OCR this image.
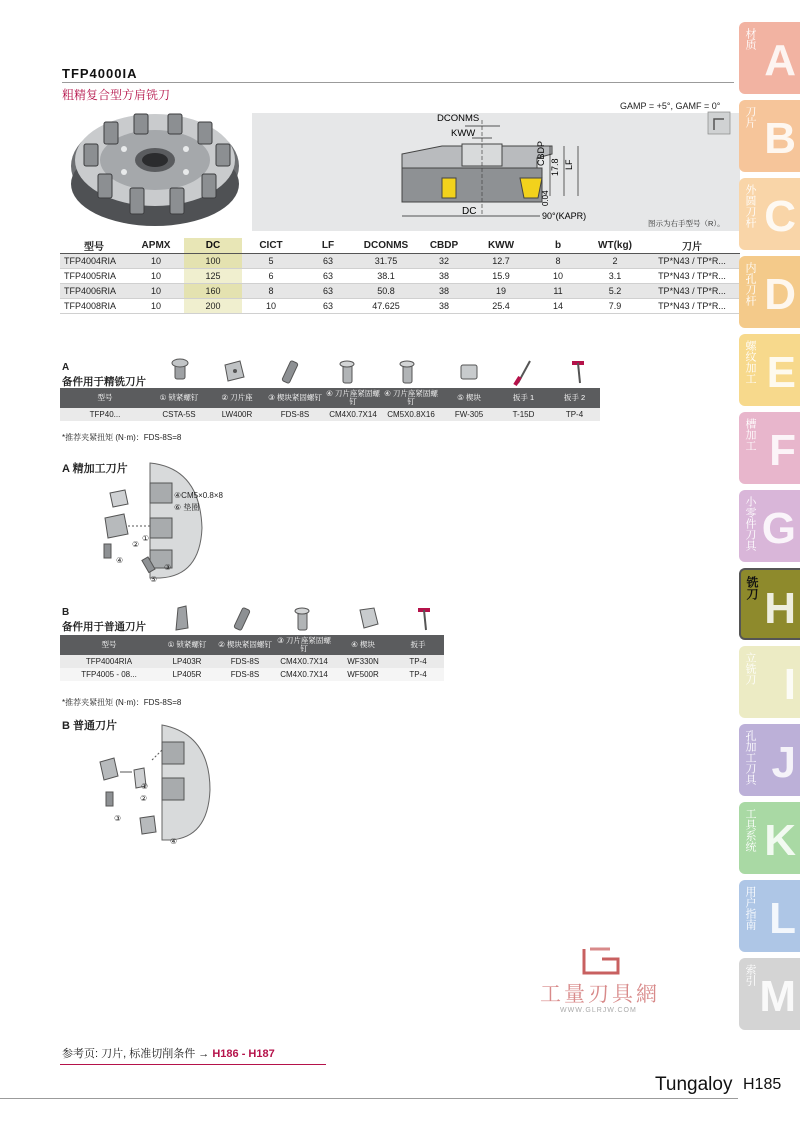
TFP4000IA
粗精复合型方肩铣刀
GAMP = +5°, GAMF = 0°
DCONMS
KWW
CBDP
17.8 LF
0.04
DC	90°(KAPR)
图示为右手型号（R）。
型号	APMX	DC	CICT	LF	DCONMS	CBDP	KWW	b	WT(kg)	刀片
TFP4004RIA	10	100	5	63	31.75	32	12.7	8	2	TP*N43 / TP*R...
TFP4005RIA	10	125	6	63	38.1	38	15.9	10	3.1	TP*N43 / TP*R...
TFP4006RIA	10	160	8	63	50.8	38	19	11	5.2	TP*N43 / TP*R...
TFP4008RIA	10	200	10	63	47.625	38	25.4	14	7.9	TP*N43 / TP*R...
A
备件用于精铣刀片
型号	① 锁紧螺钉	② 刀片座	③ 楔块紧固螺钉	④ 刀片座紧固螺钉	④ 刀片座紧固螺钉	⑤ 楔块	扳手 1	扳手 2
TFP40...	CSTA-5S	LW400R	FDS-8S	CM4X0.7X14	CM5X0.8X16	FW-305	T-15D	TP-4
*推荐夹紧扭矩 (N·m)：FDS-8S=8
A 精加工刀片
④CM5×0.8×8
⑥ 垫圈
①
②
③
④
⑤
B
备件用于普通刀片
型号	① 锁紧螺钉	② 楔块紧固螺钉	③ 刀片座紧固螺钉	④ 楔块	扳手
TFP4004RIA	LP403R	FDS-8S	CM4X0.7X14	WF330N	TP-4
TFP4005 - 08...	LP405R	FDS-8S	CM4X0.7X14	WF500R	TP-4
*推荐夹紧扭矩 (N·m)：FDS-8S=8
B 普通刀片
①
②
③
④
工量刃具網
WWW.GLRJW.COM
参考页: 刀片, 标准切削条件 → H186 - H187
Tungaloy H185
材质 A
刀片 B
外圆刀杆 C
内孔刀杆 D
螺纹加工 E
槽加工 F
小零件刀具 G
铣刀 H
立铣刀 I
孔加工刀具 J
工具系统 K
用户指南 L
索引 M
